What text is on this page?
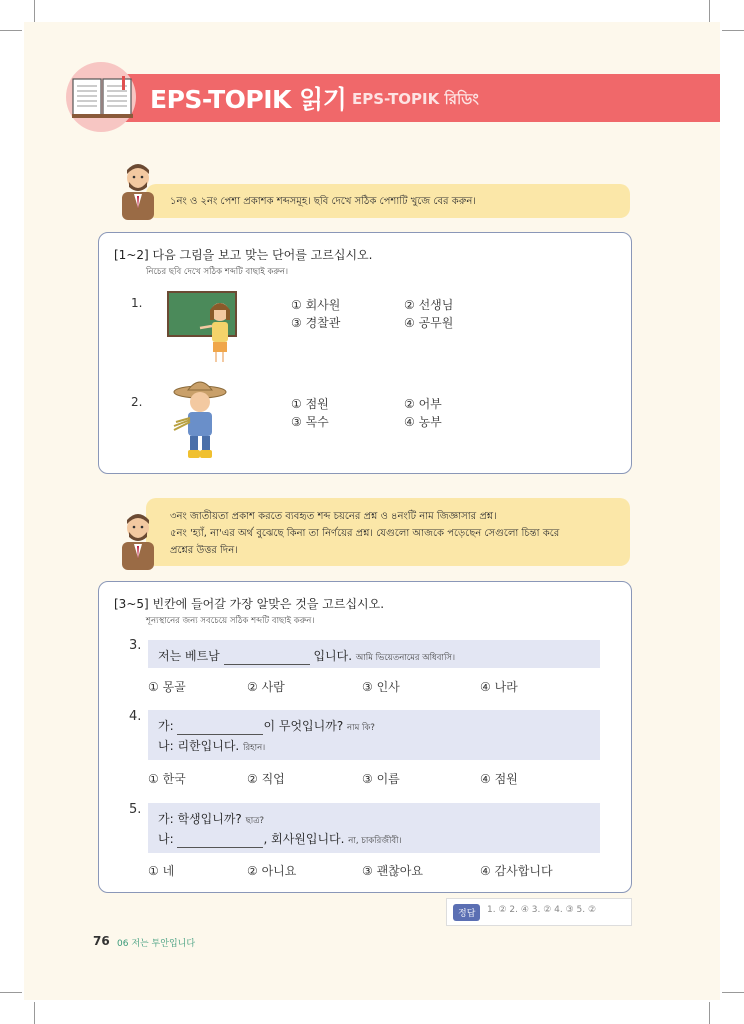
EPS-TOPIK 읽기 EPS-TOPIK রিডিং
১নং ও ২নং পেশা প্রকাশক শব্দসমূহ। ছবি দেখে সঠিক পেশাটি খুজে বের করুন।
[1~2] 다음 그림을 보고 맞는 단어를 고르십시오.
নিচের ছবি দেখে সঠিক শব্দটি বাছাই করুন।
1.	① 회사원	② 선생님
③ 경찰관	④ 공무원
2.	① 점원	② 어부
③ 목수	④ 농부
৩নং জাতীয়তা প্রকাশ করতে ব্যবহৃত শব্দ চয়নের প্রশ্ন ও ৪নংটি নাম জিজ্ঞাসার প্রশ্ন।
৫নং 'হ্যাঁ, না'এর অর্থ বুঝেছে কিনা তা নির্ণয়ের প্রশ্ন। যেগুলো আজকে পড়েছেন সেগুলো চিন্তা করে
প্রশ্নের উত্তর দিন।
[3~5] 빈칸에 들어갈 가장 알맞은 것을 고르십시오.
শূন্যস্থানের জন্য সবচেয়ে সঠিক শব্দটি বাছাই করুন।
3.
저는 베트남	입니다. আমি ভিয়েতনামের অধিবাসি।
① 몽골	② 사람	③ 인사	④ 나라
4.
가:	이 무엇입니까? নাম কি?
나: 리한입니다. রিহান।
① 한국	② 직업	③ 이름	④ 점원
5.
가: 학생입니까? ছাত্র?
나:	, 회사원입니다. না, চাকরিজীবী।
① 네	② 아니요	③ 괜찮아요	④ 감사합니다
정답	1. ② 2. ④ 3. ② 4. ③ 5. ②
76 06 저는 투안입니다
